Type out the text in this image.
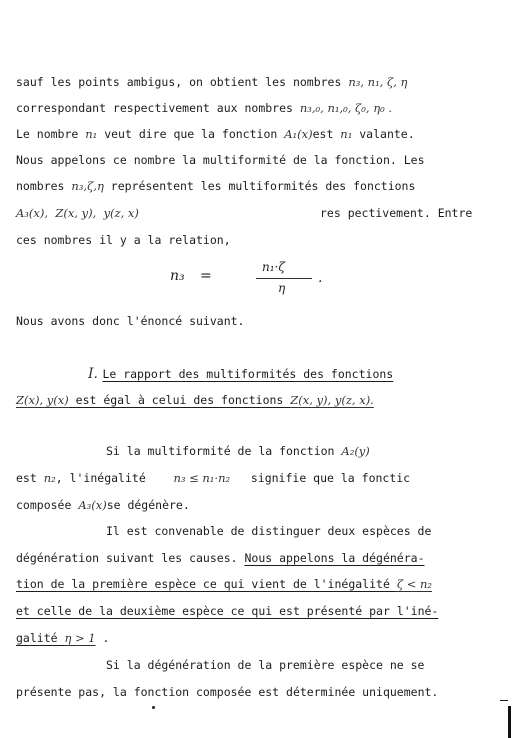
sauf les points ambigus, on obtient les nombres n₃, n₁, ζ, η
correspondant respectivement aux nombres n₃,₀, n₁,₀, ζ₀, η₀ .
Le nombre n₁ veut dire que la fonction A₁(x)est n₁ valante.
Nous appelons ce nombre la multiformité de la fonction. Les
nombres n₃,ζ,η représentent les multiformités des fonctions
A₃(x),  Z(x, y),  y(z, x)	res pectivement. Entre
ces nombres il y a la relation,
n₃ =
n₁·ζ
η
.
Nous avons donc l'énoncé suivant.
I. Le rapport des multiformités des fonctions
Z(x), y(x) est égal à celui des fonctions Z(x, y), y(z, x).
Si la multiformité de la fonction A₂(y)
est n₂, l'inégalité    n₃ ≤ n₁·n₂   signifie que la fonctic
composée A₃(x)se dégénère.
Il est convenable de distinguer deux espèces de
dégénération suivant les causes. Nous appelons la dégénéra-
tion de la première espèce ce qui vient de l'inégalité ζ < n₂
et celle de la deuxième espèce ce qui est présenté par l'iné-
galité η > 1 .
Si la dégénération de la première espèce ne se
présente pas, la fonction composée est déterminée uniquement.
